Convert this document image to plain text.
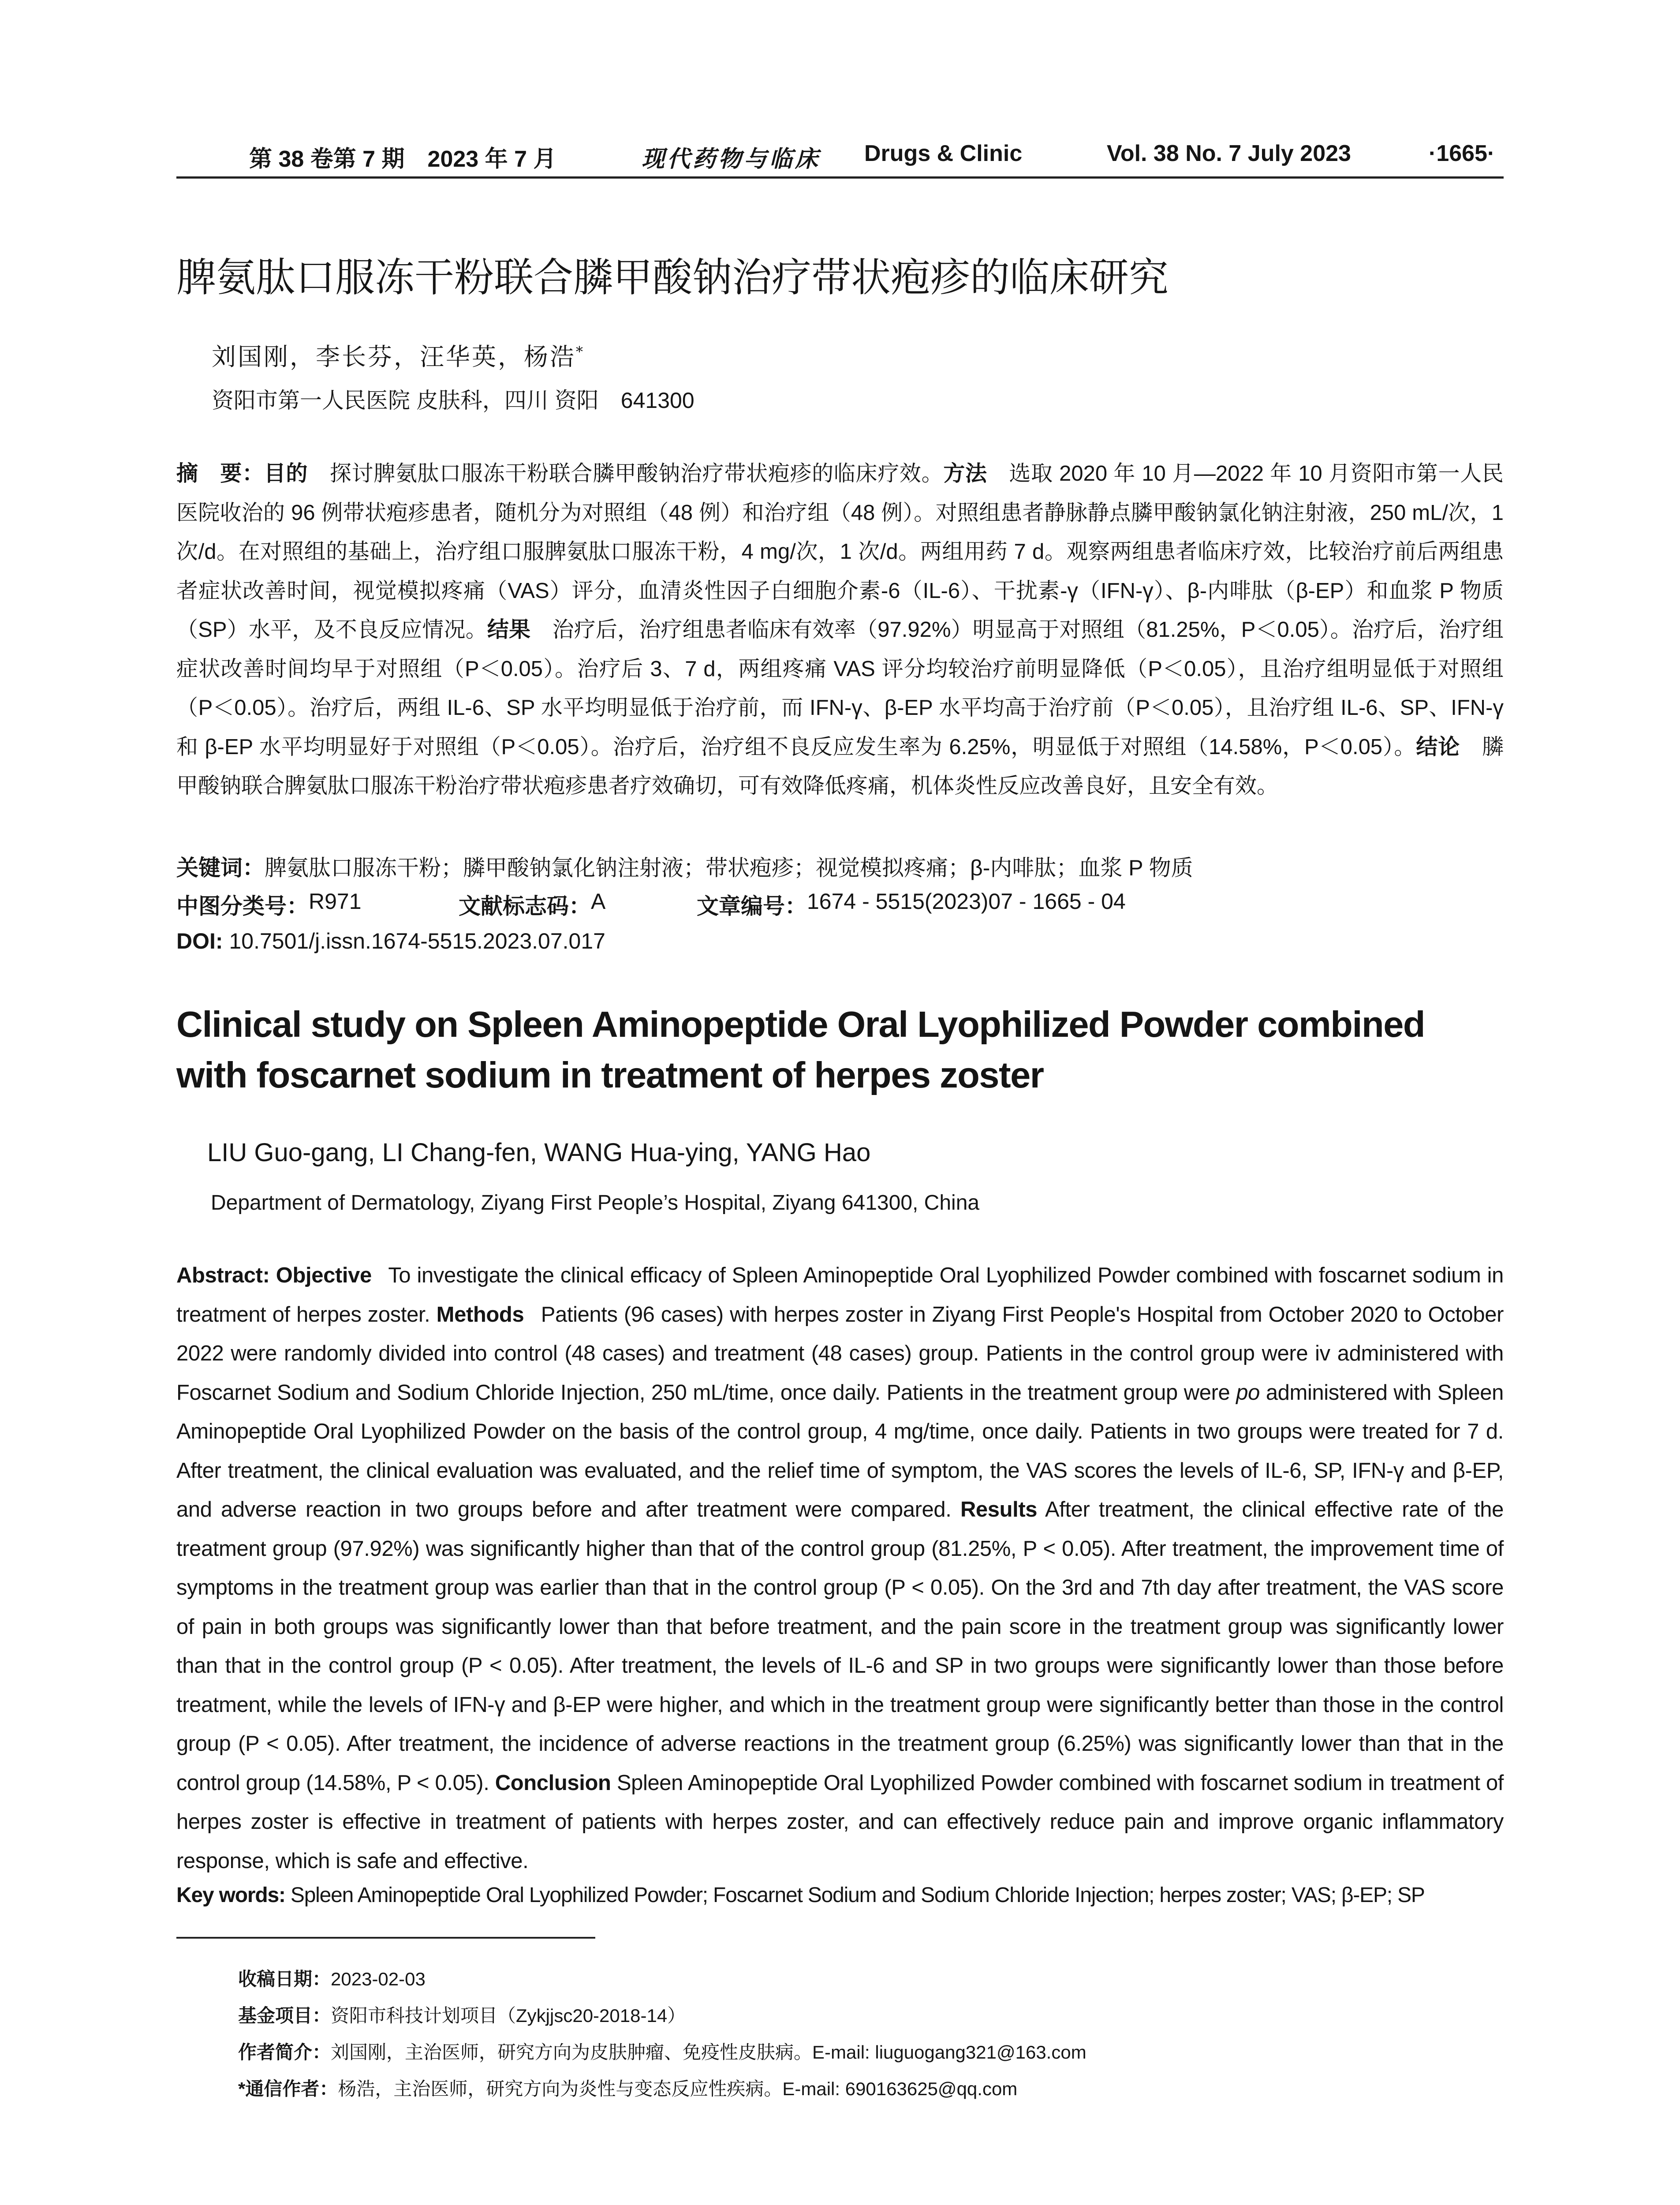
第 38 卷第 7 期　2023 年 7 月	现代药物与临床 Drugs & Clinic	Vol. 38 No. 7 July 2023	·1665·
脾氨肽口服冻干粉联合膦甲酸钠治疗带状疱疹的临床研究
刘国刚，李长芬，汪华英，杨浩*
资阳市第一人民医院 皮肤科，四川 资阳　641300
摘　要：目的  探讨脾氨肽口服冻干粉联合膦甲酸钠治疗带状疱疹的临床疗效。方法  选取 2020 年 10 月—2022 年 10 月资阳市第一人民医院收治的 96 例带状疱疹患者，随机分为对照组（48 例）和治疗组（48 例）。对照组患者静脉静点膦甲酸钠氯化钠注射液，250 mL/次，1 次/d。在对照组的基础上，治疗组口服脾氨肽口服冻干粉，4 mg/次，1 次/d。两组用药 7 d。观察两组患者临床疗效，比较治疗前后两组患者症状改善时间，视觉模拟疼痛（VAS）评分，血清炎性因子白细胞介素-6（IL-6）、干扰素-γ（IFN-γ）、β-内啡肽（β-EP）和血浆 P 物质（SP）水平，及不良反应情况。结果  治疗后，治疗组患者临床有效率（97.92%）明显高于对照组（81.25%，P＜0.05）。治疗后，治疗组症状改善时间均早于对照组（P＜0.05）。治疗后 3、7 d，两组疼痛 VAS 评分均较治疗前明显降低（P＜0.05），且治疗组明显低于对照组（P＜0.05）。治疗后，两组 IL-6、SP 水平均明显低于治疗前，而 IFN-γ、β-EP 水平均高于治疗前（P＜0.05），且治疗组 IL-6、SP、IFN-γ 和 β-EP 水平均明显好于对照组（P＜0.05）。治疗后，治疗组不良反应发生率为 6.25%，明显低于对照组（14.58%，P＜0.05）。结论  膦甲酸钠联合脾氨肽口服冻干粉治疗带状疱疹患者疗效确切，可有效降低疼痛，机体炎性反应改善良好，且安全有效。
关键词：脾氨肽口服冻干粉；膦甲酸钠氯化钠注射液；带状疱疹；视觉模拟疼痛；β-内啡肽；血浆 P 物质
中图分类号： R971	文献标志码： A	文章编号： 1674 - 5515(2023)07 - 1665 - 04
DOI: 10.7501/j.issn.1674-5515.2023.07.017
Clinical study on Spleen Aminopeptide Oral Lyophilized Powder combined with foscarnet sodium in treatment of herpes zoster
LIU Guo-gang, LI Chang-fen, WANG Hua-ying, YANG Hao
Department of Dermatology, Ziyang First People’s Hospital, Ziyang 641300, China
Abstract: Objective  To investigate the clinical efficacy of Spleen Aminopeptide Oral Lyophilized Powder combined with foscarnet sodium in treatment of herpes zoster. Methods  Patients (96 cases) with herpes zoster in Ziyang First People's Hospital from October 2020 to October 2022 were randomly divided into control (48 cases) and treatment (48 cases) group. Patients in the control group were iv administered with Foscarnet Sodium and Sodium Chloride Injection, 250 mL/time, once daily. Patients in the treatment group were po administered with Spleen Aminopeptide Oral Lyophilized Powder on the basis of the control group, 4 mg/time, once daily. Patients in two groups were treated for 7 d. After treatment, the clinical evaluation was evaluated, and the relief time of symptom, the VAS scores the levels of IL-6, SP, IFN-γ and β-EP, and adverse reaction in two groups before and after treatment were compared. Results After treatment, the clinical effective rate of the treatment group (97.92%) was significantly higher than that of the control group (81.25%, P < 0.05). After treatment, the improvement time of symptoms in the treatment group was earlier than that in the control group (P < 0.05). On the 3rd and 7th day after treatment, the VAS score of pain in both groups was significantly lower than that before treatment, and the pain score in the treatment group was significantly lower than that in the control group (P < 0.05). After treatment, the levels of IL-6 and SP in two groups were significantly lower than those before treatment, while the levels of IFN-γ and β-EP were higher, and which in the treatment group were significantly better than those in the control group (P < 0.05). After treatment, the incidence of adverse reactions in the treatment group (6.25%) was significantly lower than that in the control group (14.58%, P < 0.05). Conclusion Spleen Aminopeptide Oral Lyophilized Powder combined with foscarnet sodium in treatment of herpes zoster is effective in treatment of patients with herpes zoster, and can effectively reduce pain and improve organic inflammatory response, which is safe and effective.
Key words: Spleen Aminopeptide Oral Lyophilized Powder; Foscarnet Sodium and Sodium Chloride Injection; herpes zoster; VAS; β-EP; SP
收稿日期：2023-02-03
基金项目：资阳市科技计划项目（Zykjjsc20-2018-14）
作者简介：刘国刚，主治医师，研究方向为皮肤肿瘤、免疫性皮肤病。E-mail: liuguogang321@163.com
*通信作者：杨浩，主治医师，研究方向为炎性与变态反应性疾病。E-mail: 690163625@qq.com
